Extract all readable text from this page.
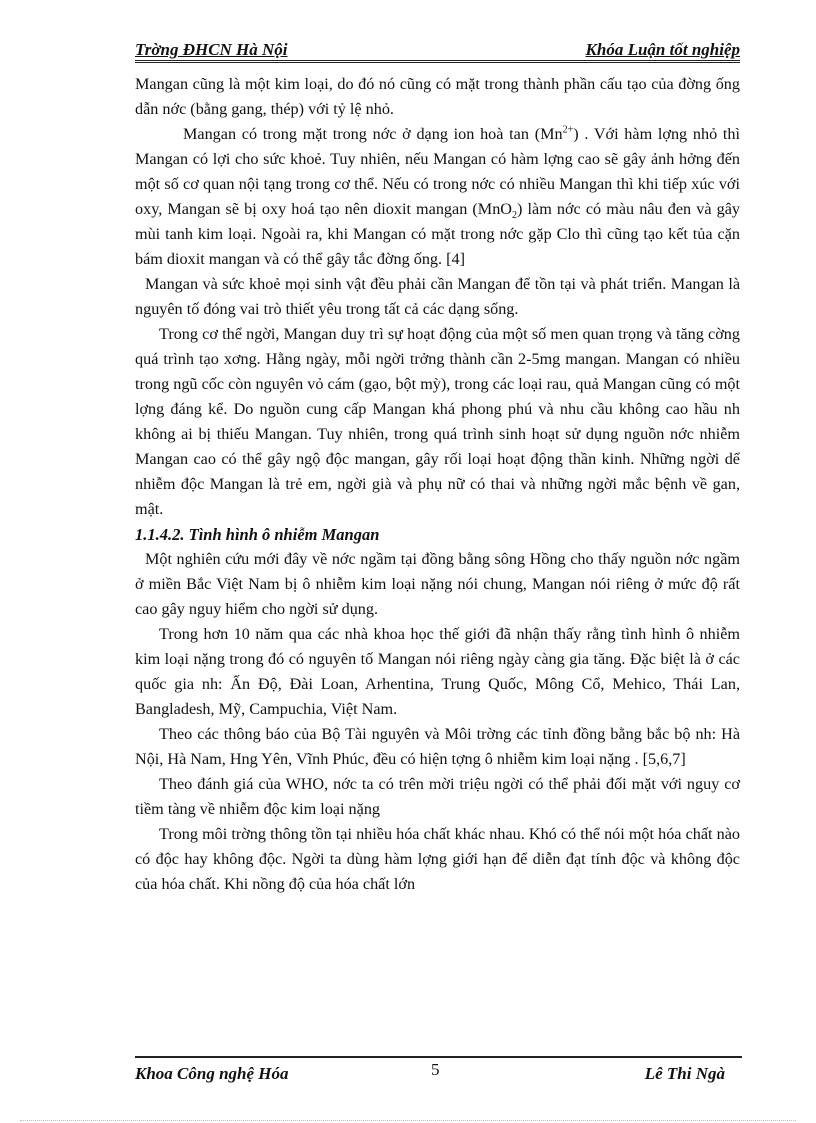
Trờng ĐHCN Hà Nội	Khóa Luận tốt nghiệp

Mangan cũng là một kim loại, do đó nó cũng có mặt trong thành phần cấu tạo của đờng ống dẫn nớc (bằng gang, thép) với tỷ lệ nhỏ.

Mangan có trong mặt trong nớc ở dạng ion hoà $\tan (Mn^{2+})$ . Với hàm lợng nhỏ thì Mangan có lợi cho sức khoẻ. Tuy nhiên, nếu Mangan có hàm lợng cao sẽ gây ảnh hởng đến một số cơ quan nội tạng trong cơ thể. Nếu có trong nớc có nhiều Mangan thì khi tiếp xúc với oxy, Mangan sẽ bị oxy hoá tạo nên dioxit mangan (MnO$_2$) làm nớc có màu nâu đen và gây mùi tanh kim loại. Ngoài ra, khi Mangan có mặt trong nớc gặp Clo thì cũng tạo kết tủa cặn bám dioxit mangan và có thể gây tắc đờng ống. [4]

Mangan và sức khoẻ mọi sinh vật đều phải cần Mangan để tồn tại và phát triển. Mangan là nguyên tố đóng vai trò thiết yêu trong tất cả các dạng sống.

Trong cơ thể ngời, Mangan duy trì sự hoạt động của một số men quan trọng và tăng cờng quá trình tạo xơng. Hằng ngày, mỗi ngời trởng thành cần 2-5mg mangan. Mangan có nhiều trong ngũ cốc còn nguyên vỏ cám (gạo, bột mỳ), trong các loại rau, quả Mangan cũng có một lợng đáng kể. Do nguồn cung cấp Mangan khá phong phú và nhu cầu không cao hầu nh không ai bị thiếu Mangan. Tuy nhiên, trong quá trình sinh hoạt sử dụng nguồn nớc nhiễm Mangan cao có thể gây ngộ độc mangan, gây rối loại hoạt động thần kinh. Những ngời dể nhiễm độc Mangan là trẻ em, ngời già và phụ nữ có thai và những ngời mắc bệnh về gan, mật.

1.1.4.2. Tình hình ô nhiễm Mangan

Một nghiên cứu mới đây về nớc ngầm tại đồng bằng sông Hồng cho thấy nguồn nớc ngầm ở miền Bắc Việt Nam bị ô nhiễm kim loại nặng nói chung, Mangan nói riêng ở mức độ rất cao gây nguy hiểm cho ngời sử dụng.

Trong hơn 10 năm qua các nhà khoa học thế giới đã nhận thấy rằng tình hình ô nhiễm kim loại nặng trong đó có nguyên tố Mangan nói riêng ngày càng gia tăng. Đặc biệt là ở các quốc gia nh: Ấn Độ, Đài Loan, Arhentina, Trung Quốc, Mông Cổ, Mehico, Thái Lan, Bangladesh, Mỹ, Campuchia, Việt Nam.

Theo các thông báo của Bộ Tài nguyên và Môi trờng các tỉnh đồng bằng bắc bộ nh: Hà Nội, Hà Nam, Hng Yên, Vĩnh Phúc, đều có hiện tợng ô nhiễm kim loại nặng . [5,6,7]

Theo đánh giá của WHO, nớc ta có trên mời triệu ngời có thể phải đối mặt với nguy cơ tiềm tàng về nhiễm độc kim loại nặng

Trong môi trờng thông tồn tại nhiều hóa chất khác nhau. Khó có thể nói một hóa chất nào có độc hay không độc. Ngời ta dùng hàm lợng giới hạn để diễn đạt tính độc và không độc của hóa chất. Khi nồng độ của hóa chất lớn

Khoa Công nghệ Hóa	5	Lê Thi Ngà
